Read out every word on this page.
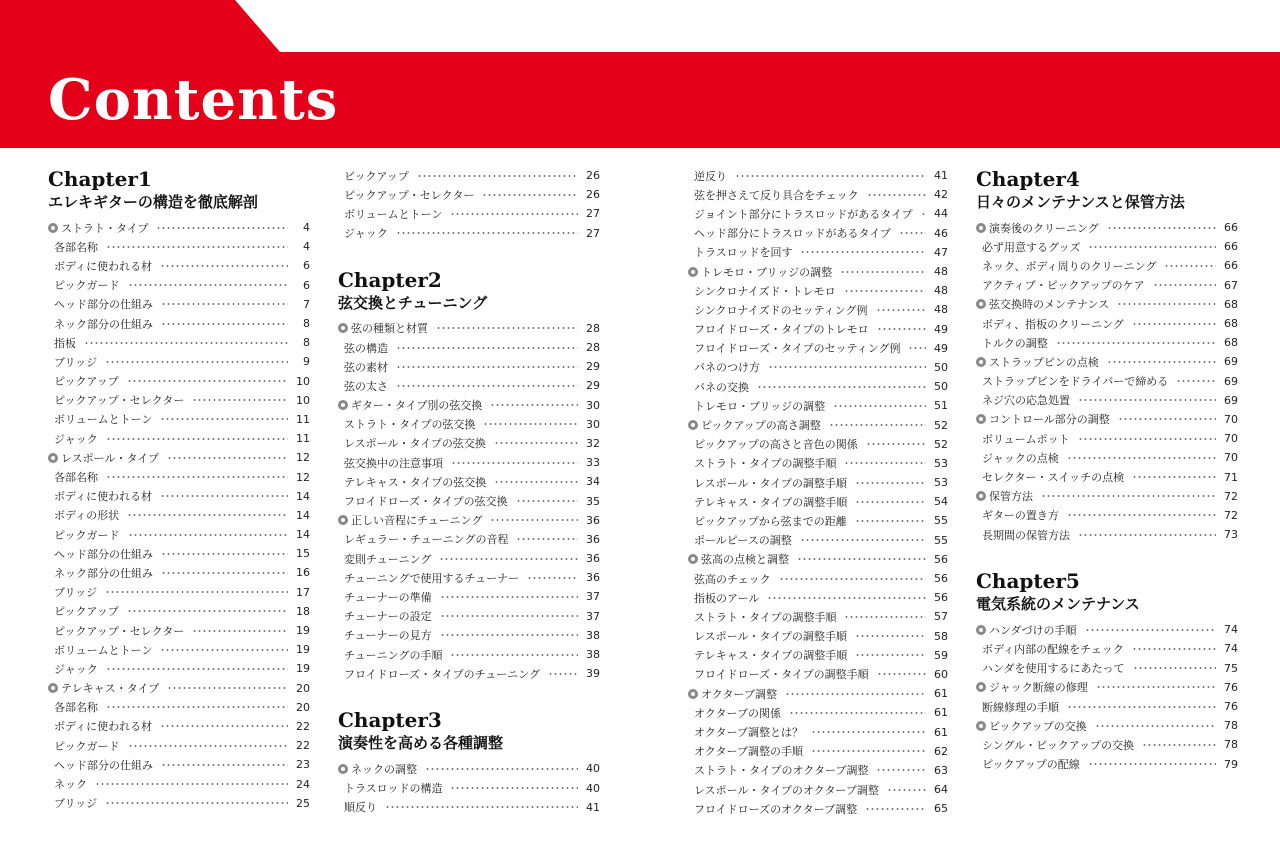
Contents
Chapter1
エレキギターの構造を徹底解剖
ストラト・タイプ	4
各部名称	4
ボディに使われる材	6
ピックガード	6
ヘッド部分の仕組み	7
ネック部分の仕組み	8
指板	8
ブリッジ	9
ピックアップ	10
ピックアップ・セレクター	10
ボリュームとトーン	11
ジャック	11
レスポール・タイプ	12
各部名称	12
ボディに使われる材	14
ボディの形状	14
ピックガード	14
ヘッド部分の仕組み	15
ネック部分の仕組み	16
ブリッジ	17
ピックアップ	18
ピックアップ・セレクター	19
ボリュームとトーン	19
ジャック	19
テレキャス・タイプ	20
各部名称	20
ボディに使われる材	22
ピックガード	22
ヘッド部分の仕組み	23
ネック	24
ブリッジ	25
ピックアップ	26
ピックアップ・セレクター	26
ボリュームとトーン	27
ジャック	27
Chapter2
弦交換とチューニング
弦の種類と材質	28
弦の構造	28
弦の素材	29
弦の太さ	29
ギター・タイプ別の弦交換	30
ストラト・タイプの弦交換	30
レスポール・タイプの弦交換	32
弦交換中の注意事項	33
テレキャス・タイプの弦交換	34
フロイドローズ・タイプの弦交換	35
正しい音程にチューニング	36
レギュラー・チューニングの音程	36
変則チューニング	36
チューニングで使用するチューナー	36
チューナーの準備	37
チューナーの設定	37
チューナーの見方	38
チューニングの手順	38
フロイドローズ・タイプのチューニング	39
Chapter3
演奏性を高める各種調整
ネックの調整	40
トラスロッドの構造	40
順反り	41
逆反り	41
弦を押さえて反り具合をチェック	42
ジョイント部分にトラスロッドがあるタイプ 44
ヘッド部分にトラスロッドがあるタイプ	46
トラスロッドを回す	47
トレモロ・ブリッジの調整	48
シンクロナイズド・トレモロ	48
シンクロナイズドのセッティング例	48
フロイドローズ・タイプのトレモロ	49
フロイドローズ・タイプのセッティング例	49
バネのつけ方	50
バネの交換	50
トレモロ・ブリッジの調整	51
ピックアップの高さ調整	52
ピックアップの高さと音色の関係	52
ストラト・タイプの調整手順	53
レスポール・タイプの調整手順	53
テレキャス・タイプの調整手順	54
ピックアップから弦までの距離	55
ポールピースの調整	55
弦高の点検と調整	56
弦高のチェック	56
指板のアール	56
ストラト・タイプの調整手順	57
レスポール・タイプの調整手順	58
テレキャス・タイプの調整手順	59
フロイドローズ・タイプの調整手順	60
オクターブ調整	61
オクターブの関係	61
オクターブ調整とは？	61
オクターブ調整の手順	62
ストラト・タイプのオクターブ調整	63
レスポール・タイプのオクターブ調整	64
フロイドローズのオクターブ調整	65
Chapter4
日々のメンテナンスと保管方法
演奏後のクリーニング	66
必ず用意するグッズ	66
ネック、ボディ周りのクリーニング	66
アクティブ・ピックアップのケア	67
弦交換時のメンテナンス	68
ボディ、指板のクリーニング	68
トルクの調整	68
ストラップピンの点検	69
ストラップピンをドライバーで締める	69
ネジ穴の応急処置	69
コントロール部分の調整	70
ボリュームポット	70
ジャックの点検	70
セレクター・スイッチの点検	71
保管方法	72
ギターの置き方	72
長期間の保管方法	73
Chapter5
電気系統のメンテナンス
ハンダづけの手順	74
ボディ内部の配線をチェック	74
ハンダを使用するにあたって	75
ジャック断線の修理	76
断線修理の手順	76
ピックアップの交換	78
シングル・ピックアップの交換	78
ピックアップの配線	79
